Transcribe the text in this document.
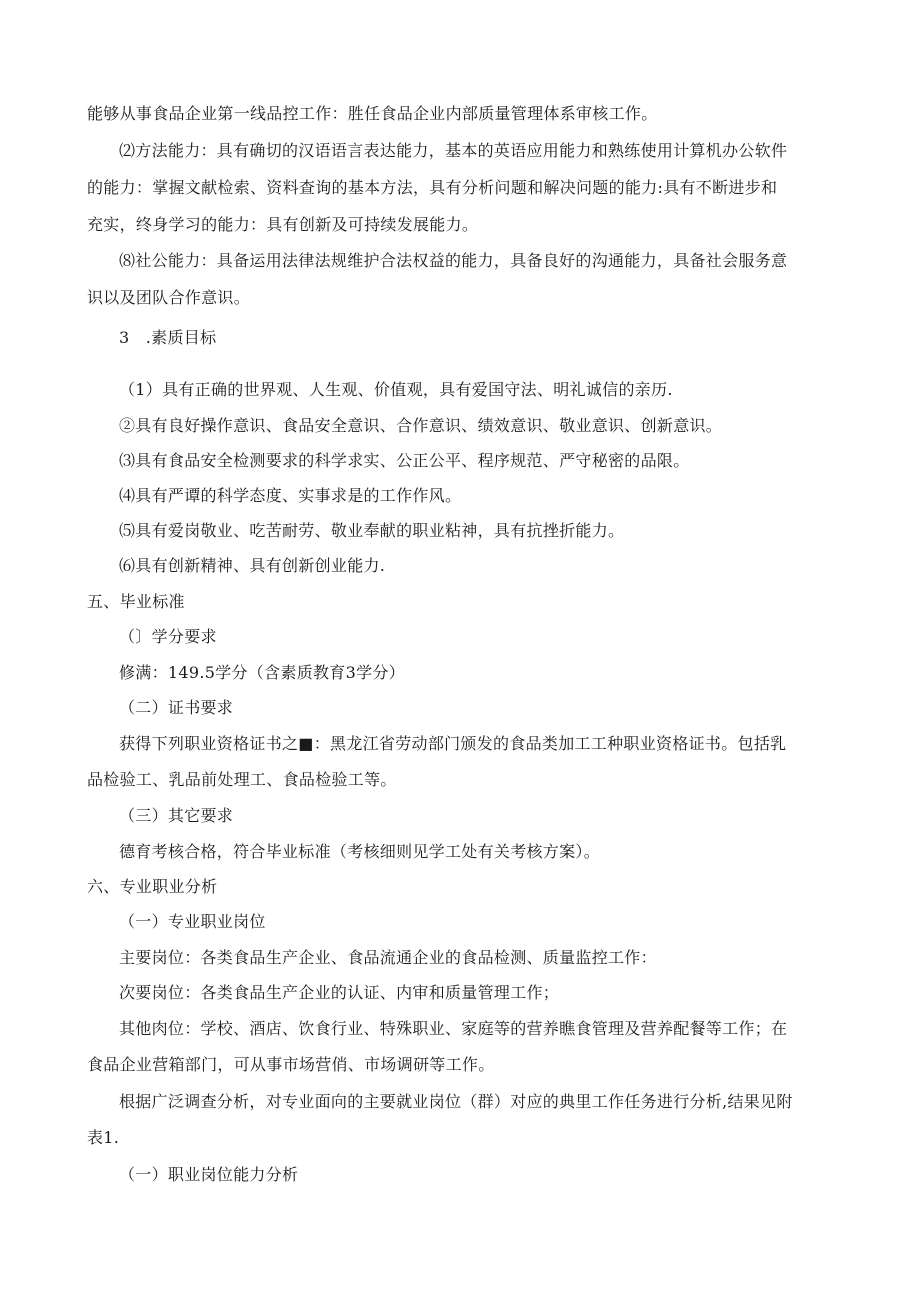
能够从事食品企业第一线品控工作：胜任食品企业内部质量管理体系审核工作。
⑵方法能力：具有确切的汉语语言表达能力，基本的英语应用能力和熟练使用计算机办公软件
的能力：掌握文献检索、资料查询的基本方法，具有分析问题和解决问题的能力:具有不断进步和
充实，终身学习的能力：具有创新及可持续发展能力。
⑻社公能力：具备运用法律法规维护合法权益的能力，具备良好的沟通能力，具备社会服务意
识以及团队合作意识。
3　.素质目标
（1）具有正确的世界观、人生观、价值观，具有爱国守法、明礼诚信的亲历.
②具有良好操作意识、食品安全意识、合作意识、绩效意识、敬业意识、创新意识。
⑶具有食品安全检测要求的科学求实、公正公平、程序规范、严守秘密的品限。
⑷具有严谭的科学态度、实事求是的工作作风。
⑸具有爱岗敬业、吃苦耐劳、敬业奉献的职业粘神，具有抗挫折能力。
⑹具有创新精神、具有创新创业能力.
五、毕业标准
（〕学分要求
修满：149.5学分（含素质教育3学分）
（二）证书要求
获得下列职业资格证书之■：黑龙江省劳动部门颁发的食品类加工工种职业资格证书。包括乳
品检验工、乳品前处理工、食品检验工等。
（三）其它要求
德育考核合格，符合毕业标准（考核细则见学工处有关考核方案）。
六、专业职业分析
（一）专业职业岗位
主要岗位：各类食品生产企业、食品流通企业的食品检测、质量监控工作：
次要岗位：各类食品生产企业的认证、内审和质量管理工作；
其他肉位：学校、酒店、饮食行业、特殊职业、家庭等的营养瞧食管理及营养配餐等工作；在
食品企业营箱部门，可从事市场营俏、市场调研等工作。
根据广泛调查分析，对专业面向的主要就业岗位（群）对应的典里工作任务进行分析,结果见附
表1.
（一）职业岗位能力分析
